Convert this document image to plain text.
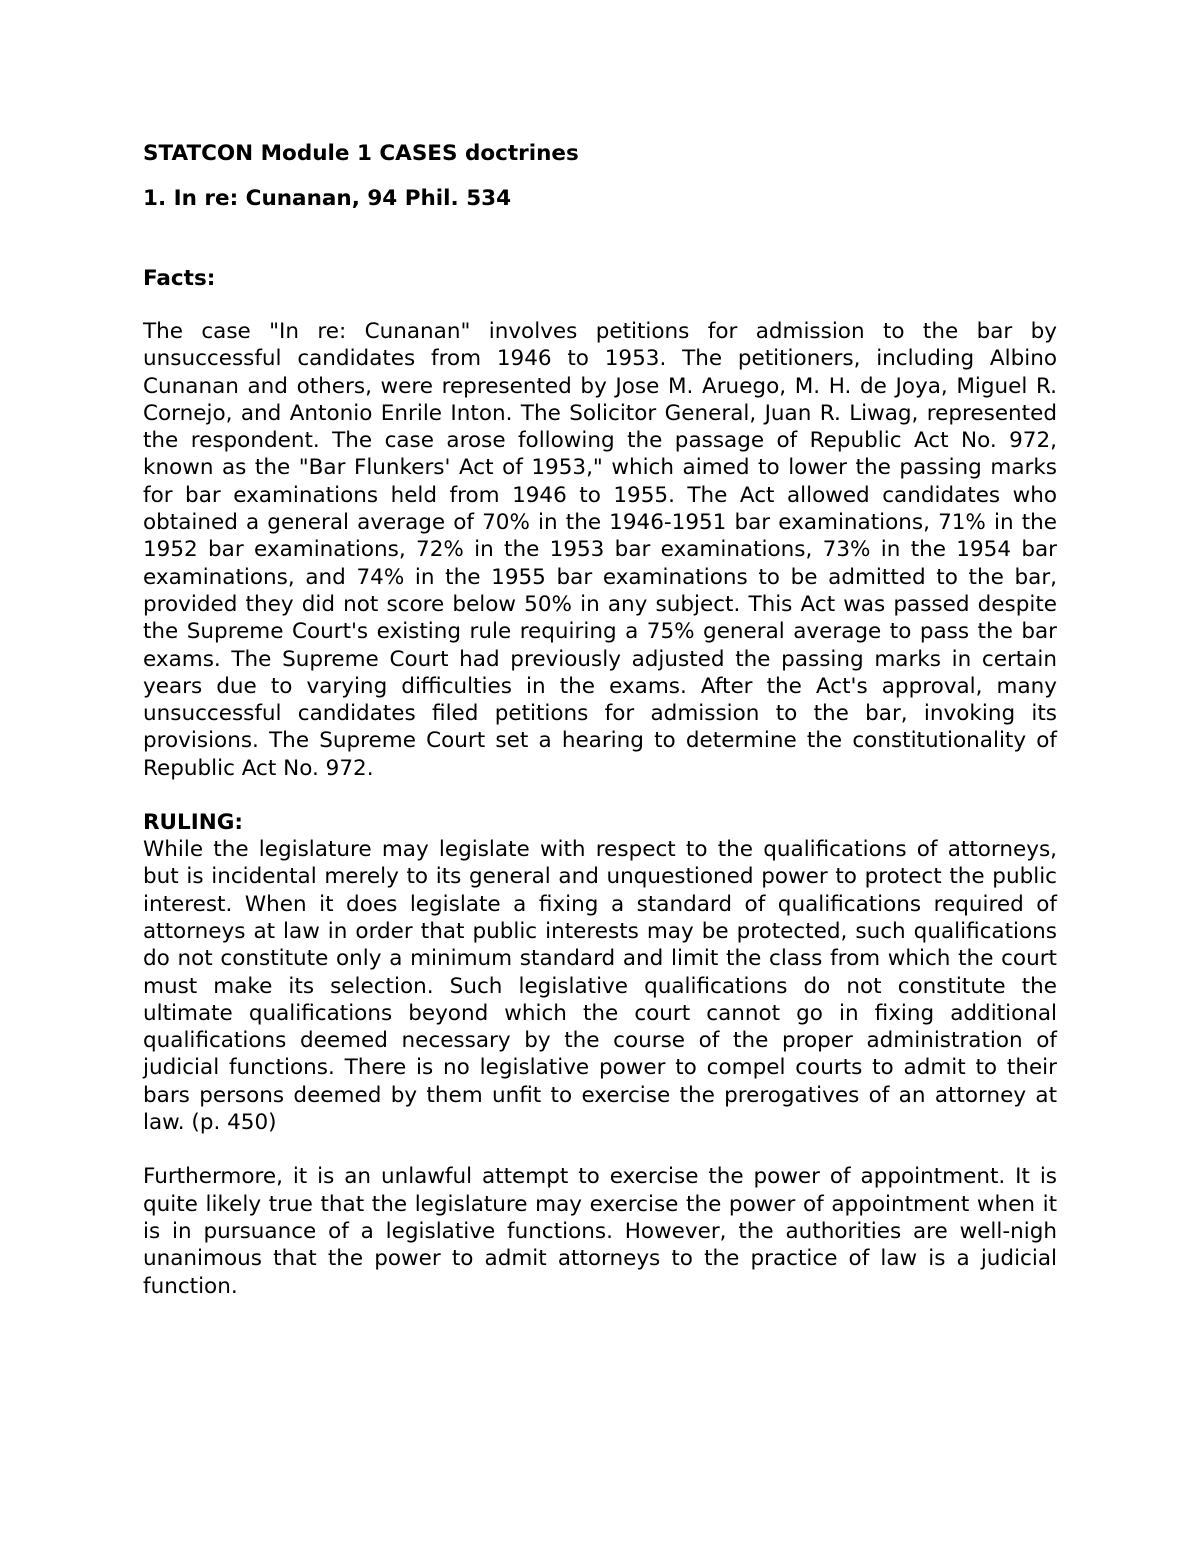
STATCON Module 1 CASES doctrines

1. In re: Cunanan, 94 Phil. 534

Facts:

The case "In re: Cunanan" involves petitions for admission to the bar by unsuccessful candidates from 1946 to 1953. The petitioners, including Albino Cunanan and others, were represented by Jose M. Aruego, M. H. de Joya, Miguel R. Cornejo, and Antonio Enrile Inton. The Solicitor General, Juan R. Liwag, represented the respondent. The case arose following the passage of Republic Act No. 972, known as the "Bar Flunkers' Act of 1953," which aimed to lower the passing marks for bar examinations held from 1946 to 1955. The Act allowed candidates who obtained a general average of 70% in the 1946-1951 bar examinations, 71% in the 1952 bar examinations, 72% in the 1953 bar examinations, 73% in the 1954 bar examinations, and 74% in the 1955 bar examinations to be admitted to the bar, provided they did not score below 50% in any subject. This Act was passed despite the Supreme Court's existing rule requiring a 75% general average to pass the bar exams. The Supreme Court had previously adjusted the passing marks in certain years due to varying difficulties in the exams. After the Act's approval, many unsuccessful candidates filed petitions for admission to the bar, invoking its provisions. The Supreme Court set a hearing to determine the constitutionality of Republic Act No. 972.

RULING:

While the legislature may legislate with respect to the qualifications of attorneys, but is incidental merely to its general and unquestioned power to protect the public interest. When it does legislate a fixing a standard of qualifications required of attorneys at law in order that public interests may be protected, such qualifications do not constitute only a minimum standard and limit the class from which the court must make its selection. Such legislative qualifications do not constitute the ultimate qualifications beyond which the court cannot go in fixing additional qualifications deemed necessary by the course of the proper administration of judicial functions. There is no legislative power to compel courts to admit to their bars persons deemed by them unfit to exercise the prerogatives of an attorney at law. (p. 450)

Furthermore, it is an unlawful attempt to exercise the power of appointment. It is quite likely true that the legislature may exercise the power of appointment when it is in pursuance of a legislative functions. However, the authorities are well-nigh unanimous that the power to admit attorneys to the practice of law is a judicial function.
